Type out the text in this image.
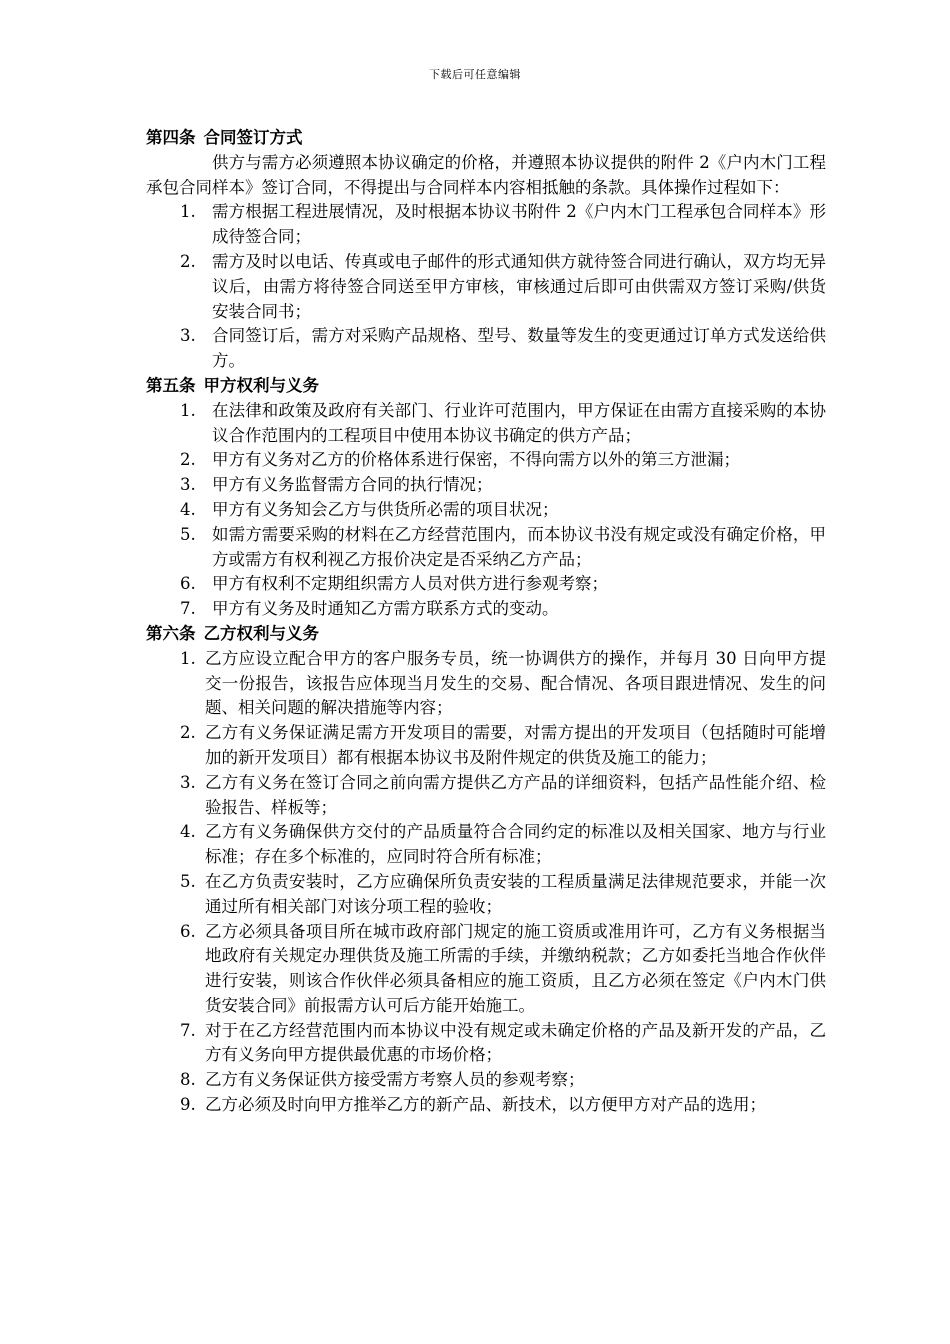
下载后可任意编辑
第四条 合同签订方式

供方与需方必须遵照本协议确定的价格，并遵照本协议提供的附件 2《户内木门工程承包合同样本》签订合同，不得提出与合同样本内容相抵触的条款。具体操作过程如下：

1. 需方根据工程进展情况，及时根据本协议书附件 2《户内木门工程承包合同样本》形成待签合同；
2. 需方及时以电话、传真或电子邮件的形式通知供方就待签合同进行确认，双方均无异议后，由需方将待签合同送至甲方审核，审核通过后即可由供需双方签订采购/供货安装合同书；
3. 合同签订后，需方对采购产品规格、型号、数量等发生的变更通过订单方式发送给供方。
第五条 甲方权利与义务
1. 在法律和政策及政府有关部门、行业许可范围内，甲方保证在由需方直接采购的本协议合作范围内的工程项目中使用本协议书确定的供方产品；
2. 甲方有义务对乙方的价格体系进行保密，不得向需方以外的第三方泄漏；
3. 甲方有义务监督需方合同的执行情况；
4. 甲方有义务知会乙方与供货所必需的项目状况；
5. 如需方需要采购的材料在乙方经营范围内，而本协议书没有规定或没有确定价格，甲方或需方有权利视乙方报价决定是否采纳乙方产品；
6. 甲方有权利不定期组织需方人员对供方进行参观考察；
7. 甲方有义务及时通知乙方需方联系方式的变动。
第六条 乙方权利与义务
1. 乙方应设立配合甲方的客户服务专员，统一协调供方的操作，并每月 30 日向甲方提交一份报告，该报告应体现当月发生的交易、配合情况、各项目跟进情况、发生的问题、相关问题的解决措施等内容；
2. 乙方有义务保证满足需方开发项目的需要，对需方提出的开发项目（包括随时可能增加的新开发项目）都有根据本协议书及附件规定的供货及施工的能力；
3. 乙方有义务在签订合同之前向需方提供乙方产品的详细资料，包括产品性能介绍、检验报告、样板等；
4. 乙方有义务确保供方交付的产品质量符合合同约定的标准以及相关国家、地方与行业标准；存在多个标准的，应同时符合所有标准；
5. 在乙方负责安装时，乙方应确保所负责安装的工程质量满足法律规范要求，并能一次通过所有相关部门对该分项工程的验收；
6. 乙方必须具备项目所在城市政府部门规定的施工资质或准用许可，乙方有义务根据当地政府有关规定办理供货及施工所需的手续，并缴纳税款；乙方如委托当地合作伙伴进行安装，则该合作伙伴必须具备相应的施工资质，且乙方必须在签定《户内木门供货安装合同》前报需方认可后方能开始施工。
7. 对于在乙方经营范围内而本协议中没有规定或未确定价格的产品及新开发的产品，乙方有义务向甲方提供最优惠的市场价格；
8. 乙方有义务保证供方接受需方考察人员的参观考察；
9. 乙方必须及时向甲方推举乙方的新产品、新技术，以方便甲方对产品的选用；
